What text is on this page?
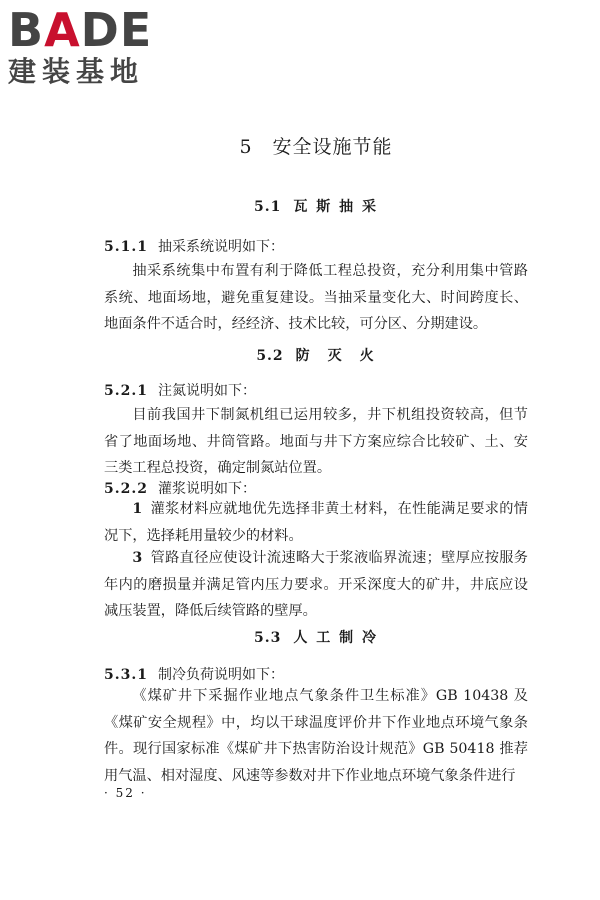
BADE
建装基地
5　安全设施节能
5.1 瓦 斯 抽 采
5.1.1 抽采系统说明如下：
抽采系统集中布置有利于降低工程总投资，充分利用集中管路系统、地面场地，避免重复建设。当抽采量变化大、时间跨度长、地面条件不适合时，经经济、技术比较，可分区、分期建设。
5.2 防　灭　火
5.2.1 注氮说明如下：
目前我国井下制氮机组已运用较多，井下机组投资较高，但节省了地面场地、井筒管路。地面与井下方案应综合比较矿、土、安三类工程总投资，确定制氮站位置。
5.2.2 灌浆说明如下：
1 灌浆材料应就地优先选择非黄土材料，在性能满足要求的情况下，选择耗用量较少的材料。
3 管路直径应使设计流速略大于浆液临界流速；壁厚应按服务年内的磨损量并满足管内压力要求。开采深度大的矿井，井底应设减压装置，降低后续管路的壁厚。
5.3 人 工 制 冷
5.3.1 制冷负荷说明如下：
《煤矿井下采掘作业地点气象条件卫生标准》GB 10438 及《煤矿安全规程》中，均以干球温度评价井下作业地点环境气象条件。现行国家标准《煤矿井下热害防治设计规范》GB 50418 推荐用气温、相对湿度、风速等参数对井下作业地点环境气象条件进行
· 52 ·
